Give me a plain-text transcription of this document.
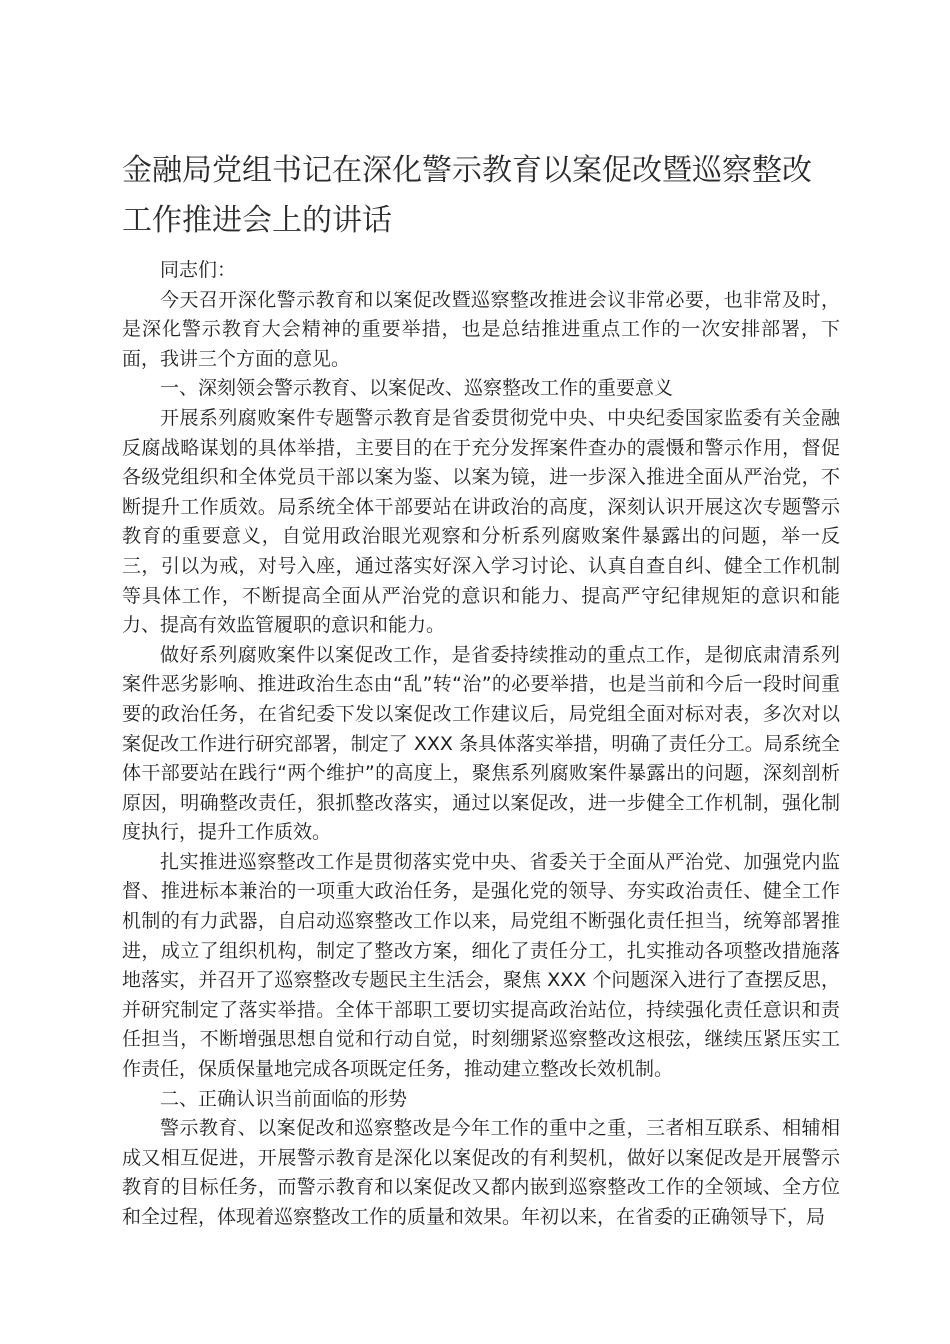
金融局党组书记在深化警示教育以案促改暨巡察整改工作推进会上的讲话

同志们：

今天召开深化警示教育和以案促改暨巡察整改推进会议非常必要，也非常及时，是深化警示教育大会精神的重要举措，也是总结推进重点工作的一次安排部署，下面，我讲三个方面的意见。

一、深刻领会警示教育、以案促改、巡察整改工作的重要意义

开展系列腐败案件专题警示教育是省委贯彻党中央、中央纪委国家监委有关金融反腐战略谋划的具体举措，主要目的在于充分发挥案件查办的震慑和警示作用，督促各级党组织和全体党员干部以案为鉴、以案为镜，进一步深入推进全面从严治党，不断提升工作质效。局系统全体干部要站在讲政治的高度，深刻认识开展这次专题警示教育的重要意义，自觉用政治眼光观察和分析系列腐败案件暴露出的问题，举一反三，引以为戒，对号入座，通过落实好深入学习讨论、认真自查自纠、健全工作机制等具体工作，不断提高全面从严治党的意识和能力、提高严守纪律规矩的意识和能力、提高有效监管履职的意识和能力。

做好系列腐败案件以案促改工作，是省委持续推动的重点工作，是彻底肃清系列案件恶劣影响、推进政治生态由“乱”转“治”的必要举措，也是当前和今后一段时间重要的政治任务，在省纪委下发以案促改工作建议后，局党组全面对标对表，多次对以案促改工作进行研究部署，制定了 XXX 条具体落实举措，明确了责任分工。局系统全体干部要站在践行“两个维护”的高度上，聚焦系列腐败案件暴露出的问题，深刻剖析原因，明确整改责任，狠抓整改落实，通过以案促改，进一步健全工作机制，强化制度执行，提升工作质效。

扎实推进巡察整改工作是贯彻落实党中央、省委关于全面从严治党、加强党内监督、推进标本兼治的一项重大政治任务，是强化党的领导、夯实政治责任、健全工作机制的有力武器，自启动巡察整改工作以来，局党组不断强化责任担当，统筹部署推进，成立了组织机构，制定了整改方案，细化了责任分工，扎实推动各项整改措施落地落实，并召开了巡察整改专题民主生活会，聚焦 XXX 个问题深入进行了查摆反思，并研究制定了落实举措。全体干部职工要切实提高政治站位，持续强化责任意识和责任担当，不断增强思想自觉和行动自觉，时刻绷紧巡察整改这根弦，继续压紧压实工作责任，保质保量地完成各项既定任务，推动建立整改长效机制。

二、正确认识当前面临的形势

警示教育、以案促改和巡察整改是今年工作的重中之重，三者相互联系、相辅相成又相互促进，开展警示教育是深化以案促改的有利契机，做好以案促改是开展警示教育的目标任务，而警示教育和以案促改又都内嵌到巡察整改工作的全领域、全方位和全过程，体现着巡察整改工作的质量和效果。年初以来，在省委的正确领导下，局
